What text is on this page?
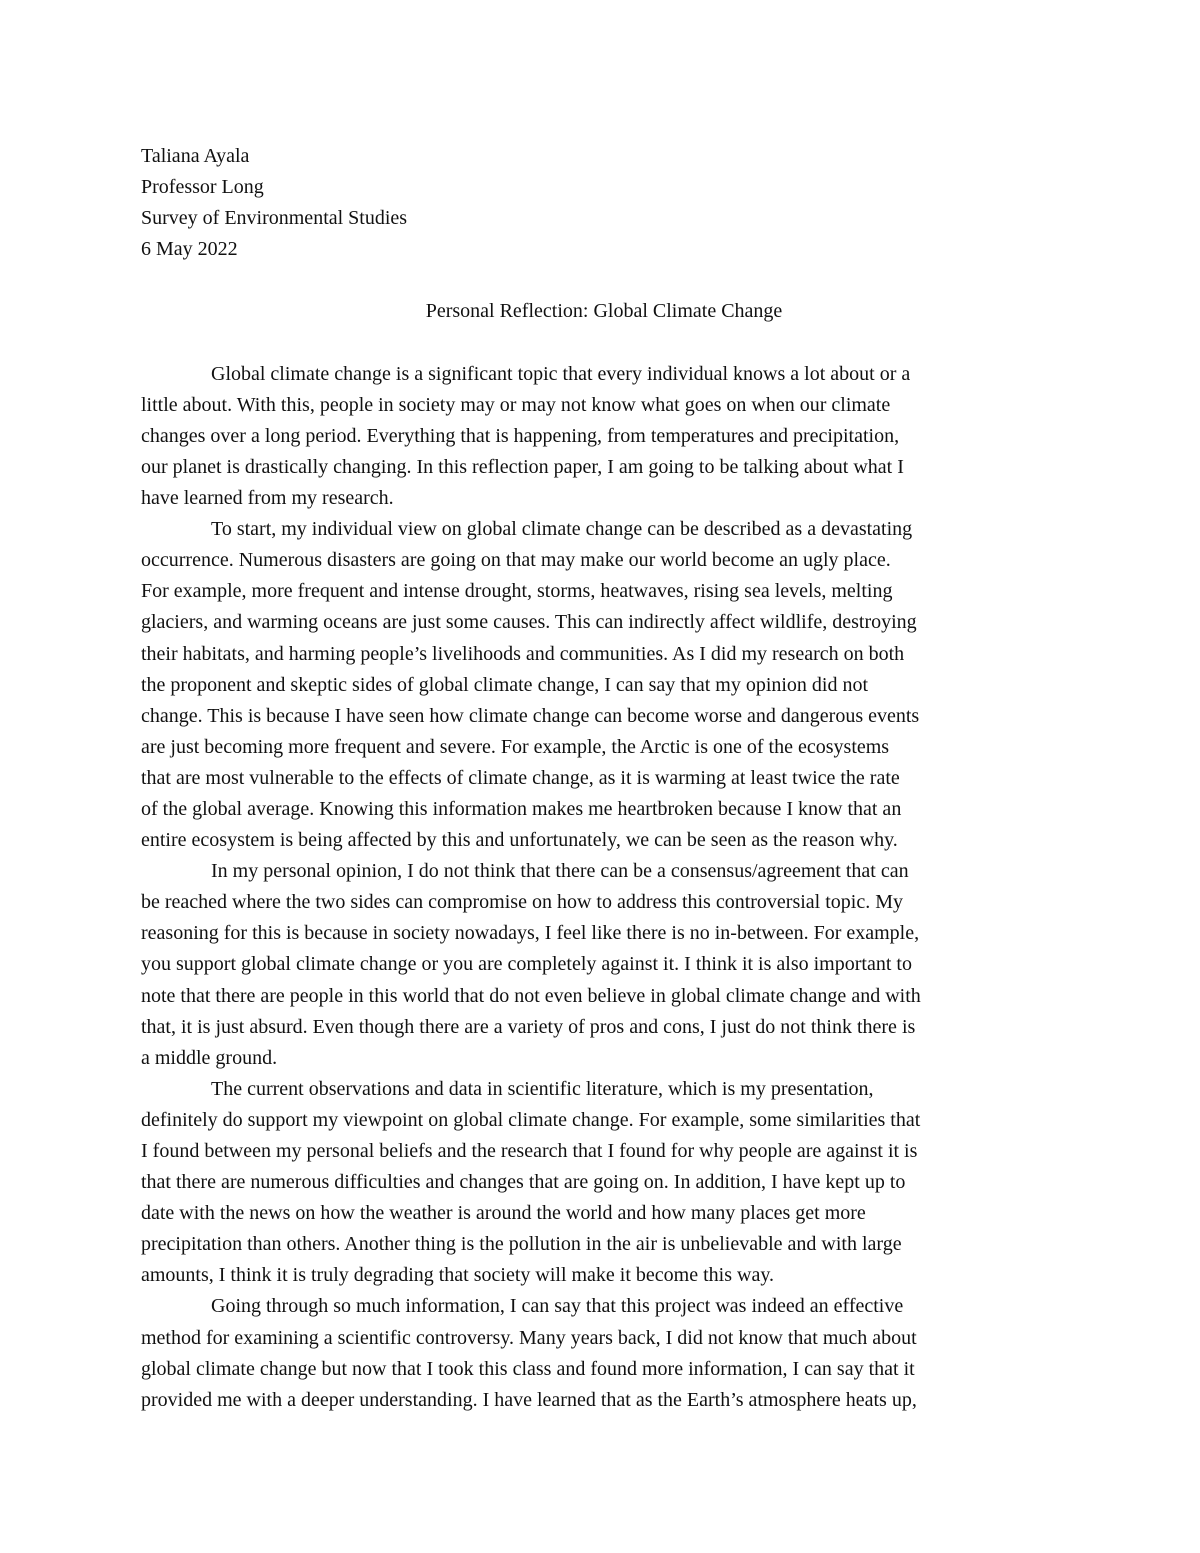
Taliana Ayala
Professor Long
Survey of Environmental Studies
6 May 2022
Personal Reflection: Global Climate Change
Global climate change is a significant topic that every individual knows a lot about or a
little about. With this, people in society may or may not know what goes on when our climate
changes over a long period. Everything that is happening, from temperatures and precipitation,
our planet is drastically changing. In this reflection paper, I am going to be talking about what I
have learned from my research.
To start, my individual view on global climate change can be described as a devastating
occurrence. Numerous disasters are going on that may make our world become an ugly place.
For example, more frequent and intense drought, storms, heatwaves, rising sea levels, melting
glaciers, and warming oceans are just some causes. This can indirectly affect wildlife, destroying
their habitats, and harming people’s livelihoods and communities. As I did my research on both
the proponent and skeptic sides of global climate change, I can say that my opinion did not
change. This is because I have seen how climate change can become worse and dangerous events
are just becoming more frequent and severe. For example, the Arctic is one of the ecosystems
that are most vulnerable to the effects of climate change, as it is warming at least twice the rate
of the global average. Knowing this information makes me heartbroken because I know that an
entire ecosystem is being affected by this and unfortunately, we can be seen as the reason why.
In my personal opinion, I do not think that there can be a consensus/agreement that can
be reached where the two sides can compromise on how to address this controversial topic. My
reasoning for this is because in society nowadays, I feel like there is no in-between. For example,
you support global climate change or you are completely against it. I think it is also important to
note that there are people in this world that do not even believe in global climate change and with
that, it is just absurd. Even though there are a variety of pros and cons, I just do not think there is
a middle ground.
The current observations and data in scientific literature, which is my presentation,
definitely do support my viewpoint on global climate change. For example, some similarities that
I found between my personal beliefs and the research that I found for why people are against it is
that there are numerous difficulties and changes that are going on. In addition, I have kept up to
date with the news on how the weather is around the world and how many places get more
precipitation than others. Another thing is the pollution in the air is unbelievable and with large
amounts, I think it is truly degrading that society will make it become this way.
Going through so much information, I can say that this project was indeed an effective
method for examining a scientific controversy. Many years back, I did not know that much about
global climate change but now that I took this class and found more information, I can say that it
provided me with a deeper understanding. I have learned that as the Earth’s atmosphere heats up,
